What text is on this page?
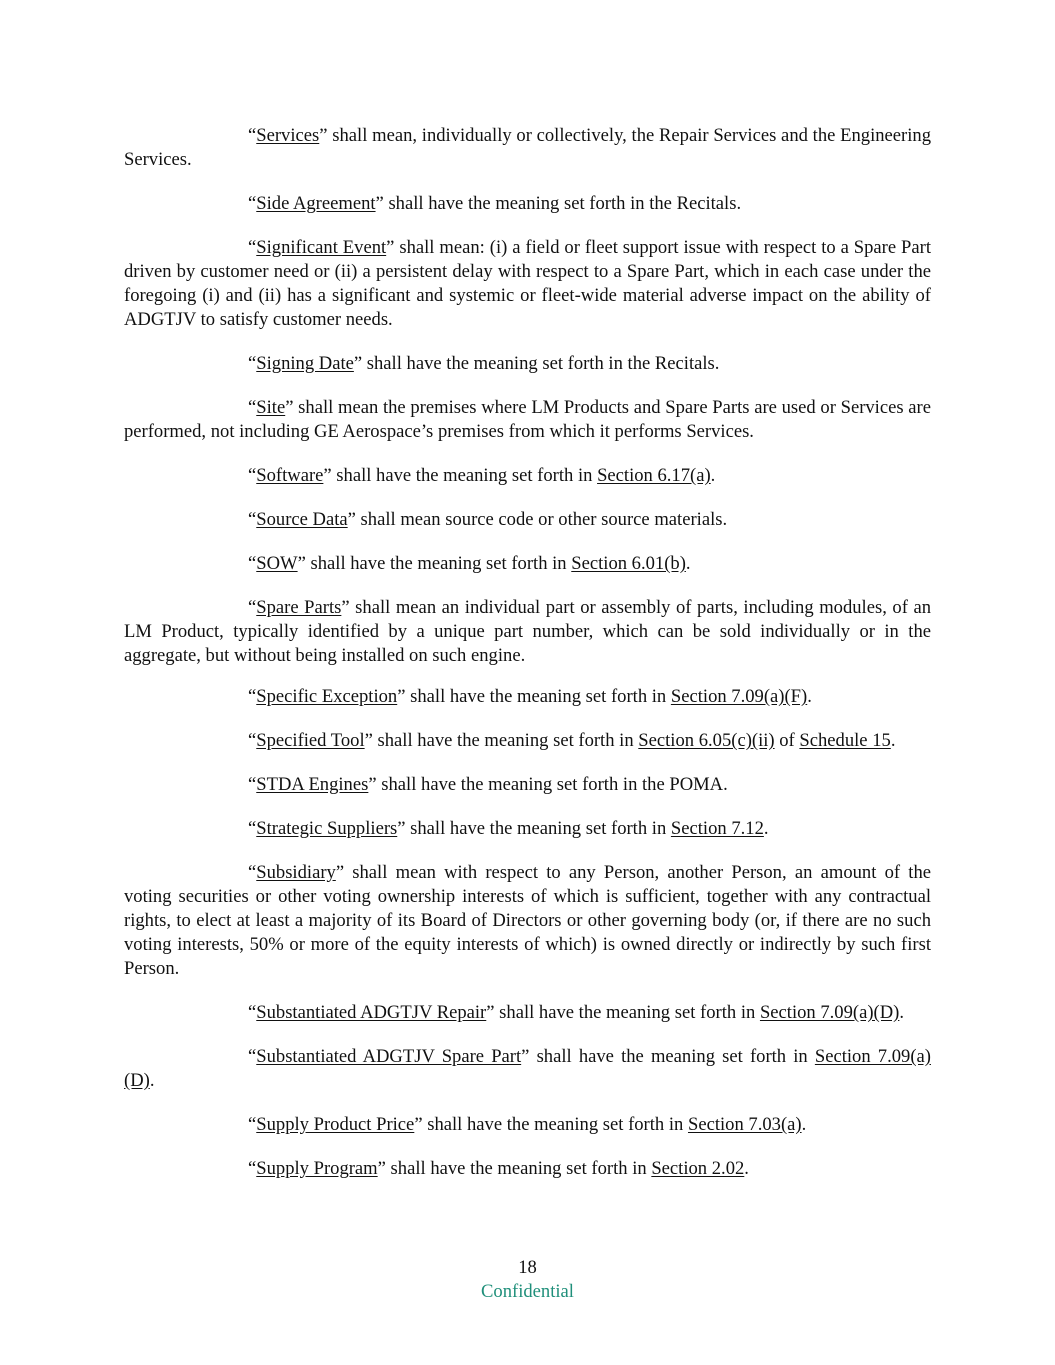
“Services” shall mean, individually or collectively, the Repair Services and the Engineering Services.

“Side Agreement” shall have the meaning set forth in the Recitals.

“Significant Event” shall mean: (i) a field or fleet support issue with respect to a Spare Part driven by customer need or (ii) a persistent delay with respect to a Spare Part, which in each case under the foregoing (i) and (ii) has a significant and systemic or fleet-wide material adverse impact on the ability of ADGTJV to satisfy customer needs.

“Signing Date” shall have the meaning set forth in the Recitals.

“Site” shall mean the premises where LM Products and Spare Parts are used or Services are performed, not including GE Aerospace’s premises from which it performs Services.

“Software” shall have the meaning set forth in Section 6.17(a).

“Source Data” shall mean source code or other source materials.

“SOW” shall have the meaning set forth in Section 6.01(b).

“Spare Parts” shall mean an individual part or assembly of parts, including modules, of an LM Product, typically identified by a unique part number, which can be sold individually or in the aggregate, but without being installed on such engine.

“Specific Exception” shall have the meaning set forth in Section 7.09(a)(F).

“Specified Tool” shall have the meaning set forth in Section 6.05(c)(ii) of Schedule 15.

“STDA Engines” shall have the meaning set forth in the POMA.

“Strategic Suppliers” shall have the meaning set forth in Section 7.12.

“Subsidiary” shall mean with respect to any Person, another Person, an amount of the voting securities or other voting ownership interests of which is sufficient, together with any contractual rights, to elect at least a majority of its Board of Directors or other governing body (or, if there are no such voting interests, 50% or more of the equity interests of which) is owned directly or indirectly by such first Person.

“Substantiated ADGTJV Repair” shall have the meaning set forth in Section 7.09(a)(D).

“Substantiated ADGTJV Spare Part” shall have the meaning set forth in Section 7.09(a)(D).

“Supply Product Price” shall have the meaning set forth in Section 7.03(a).

“Supply Program” shall have the meaning set forth in Section 2.02.

18
Confidential
